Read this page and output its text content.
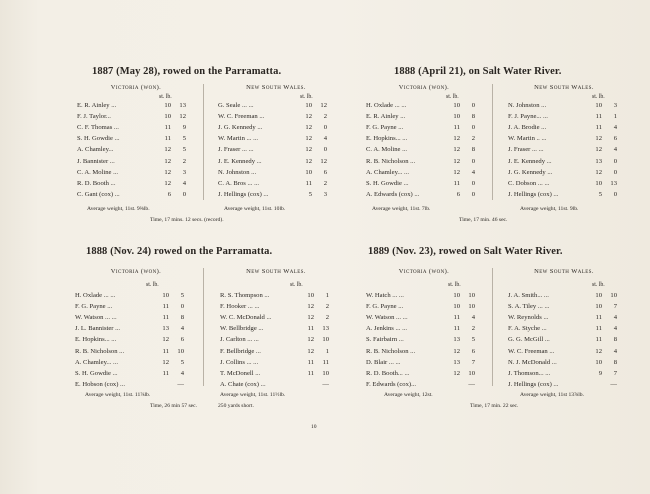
1887 (May 28), rowed on the Parramatta.
Victoria (won).
st. lb.
E. R. Ainley ...	10	13
F. J. Taylor...	10	12
C. F. Thomas ...	11	9
S. H. Gowdie ...	11	5
A. Chamley...	12	5
J. Bannister ...	12	2
C. A. Moline ...	12	3
R. D. Booth ...	12	4
C. Gant (cox) ...	6	0
New South Wales.
st. lb.
G. Seale ... ...	10	12
W. C. Freeman ...	12	2
J. G. Kennedy ...	12	0
W. Martin ... ...	12	4
J. Fraser ... ...	12	0
J. E. Kennedy ...	12	12
N. Johnston ...	10	6
C. A. Bros ... ...	11	2
J. Hellings (cox) ...	5	3
Average weight, 11st. 9⅜lb.	Average weight, 11st. 10lb.
Time, 17 mins. 12 secs. (record).
1888 (April 21), on Salt Water River.
Victoria (won).
st. lb.
H. Oxlade ... ...	10	0
E. R. Ainley ...	10	8
F. G. Payne ...	11	0
E. Hopkins... ...	12	2
C. A. Moline ...	12	8
R. B. Nicholson ...	12	0
A. Chamley... ...	12	4
S. H. Gowdie ...	11	0
A. Edwards (cox) ...	6	0
New South Wales.
st. lb.
N. Johnston ...	10	3
F. J. Payne... ...	11	1
J. A. Brodie ...	11	4
W. Martin .. ...	12	6
J. Fraser ... ...	12	4
J. E. Kennedy ...	13	0
J. G. Kennedy ...	12	0
C. Dobson ... ...	10	13
J. Hellings (cox) ...	5	0
Average weight, 11st. 7lb.	Average weight, 11st. 9lb.
Time, 17 min. 46 sec.
1888 (Nov. 24) rowed on the Parramatta.
Victoria (won).
st. lb.
H. Oxlade ... ...	10	5
F. G. Payne ...	11	0
W. Watson ... ...	11	8
J. L. Bannister ...	13	4
E. Hopkins... ...	12	6
R. B. Nicholson ...	11	10
A. Chamley... ...	12	5
S. H. Gowdie ...	11	4
E. Hobson (cox) ...	—
New South Wales.
st. lb.
R. S. Thompson ...	10	1
F. Hooker ... ...	12	2
W. C. McDonald ...	12	2
W. Bellbridge ...	11	13
J. Carlton ... ...	12	10
F. Bellbridge ...	12	1
J. Collins ... ...	11	11
T. McDonell ...	11	10
A. Chate (cox) ...	—
Average weight, 11st. 11⅞lb.	Average weight, 11st. 11½lb.
Time, 26 min 57 sec.	250 yards short.
1889 (Nov. 23), rowed on Salt Water River.
Victoria (won).
st. lb.
W. Hatch ... ...	10	10
F. G. Payne ...	10	10
W. Watson ... ...	11	4
A. Jenkins ... ...	11	2
S. Fairbairn ...	13	5
R. B. Nicholson ...	12	6
D. Blair ... ...	13	7
R. D. Booth... ...	12	10
F. Edwards (cox)...	—
New South Wales.
st. lb.
J. A. Smith... ...	10	10
S. A. Tiley ... ...	10	7
W. Reynolds ...	11	4
F. A. Styche ...	11	4
G. G. McGill ...	11	8
W. C. Freeman ...	12	4
N. J. McDonald ...	10	8
J. Thomson... ...	9	7
J. Hellings (cox) ...	—
Average weight, 12st.	Average weight, 11st 13⅞lb.
Time, 17 min. 22 sec.
10
